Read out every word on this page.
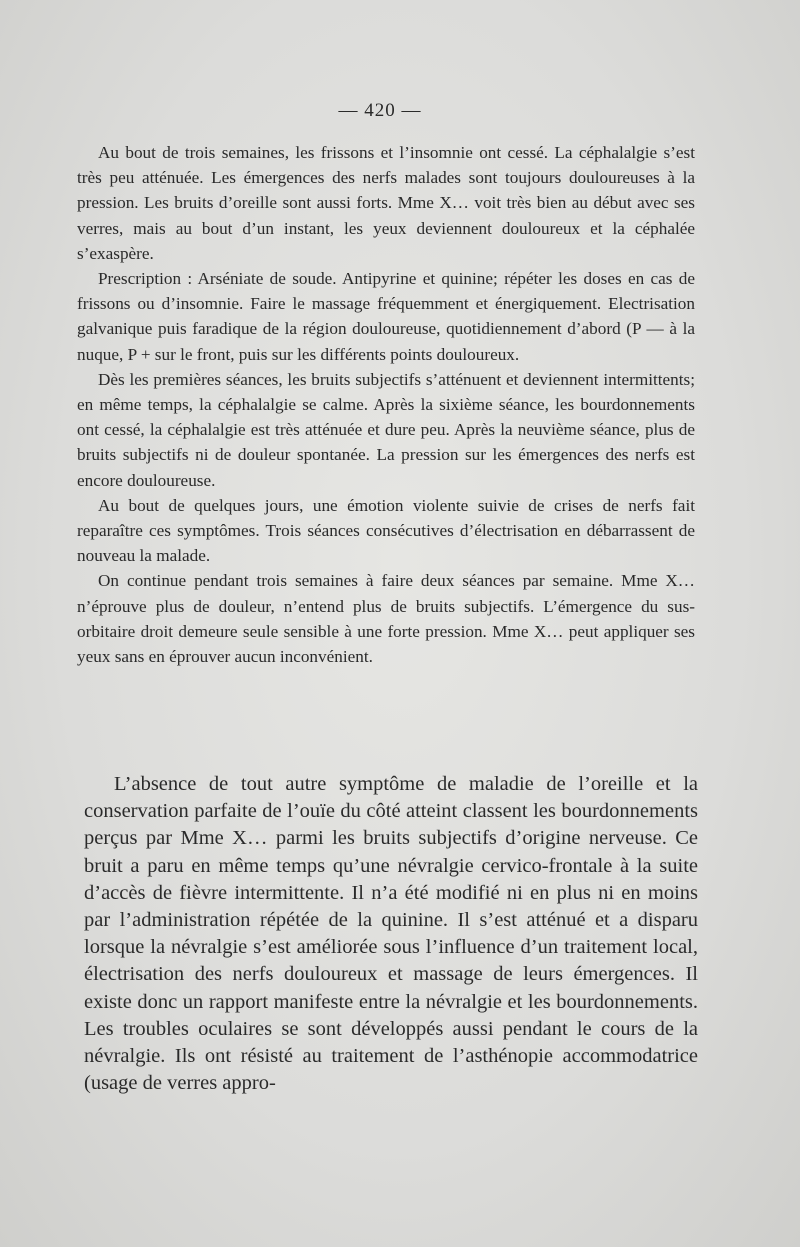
— 420 —

Au bout de trois semaines, les frissons et l’insomnie ont cessé. La céphalalgie s’est très peu atténuée. Les émergences des nerfs malades sont toujours douloureuses à la pression. Les bruits d’oreille sont aussi forts. Mme X… voit très bien au début avec ses verres, mais au bout d’un instant, les yeux deviennent douloureux et la céphalée s’exaspère.

Prescription : Arséniate de soude. Antipyrine et quinine; répéter les doses en cas de frissons ou d’insomnie. Faire le massage fréquemment et énergiquement. Electrisation galvanique puis faradique de la région douloureuse, quotidiennement d’abord (P — à la nuque, P + sur le front, puis sur les différents points douloureux.

Dès les premières séances, les bruits subjectifs s’atténuent et deviennent intermittents; en même temps, la céphalalgie se calme. Après la sixième séance, les bourdonnements ont cessé, la céphalalgie est très atténuée et dure peu. Après la neuvième séance, plus de bruits subjectifs ni de douleur spontanée. La pression sur les émergences des nerfs est encore douloureuse.

Au bout de quelques jours, une émotion violente suivie de crises de nerfs fait reparaître ces symptômes. Trois séances consécutives d’électrisation en débarrassent de nouveau la malade.

On continue pendant trois semaines à faire deux séances par semaine. Mme X… n’éprouve plus de douleur, n’entend plus de bruits subjectifs. L’émergence du sus-orbitaire droit demeure seule sensible à une forte pression. Mme X… peut appliquer ses yeux sans en éprouver aucun inconvénient.

L’absence de tout autre symptôme de maladie de l’oreille et la conservation parfaite de l’ouïe du côté atteint classent les bourdonnements perçus par Mme X… parmi les bruits subjectifs d’origine nerveuse. Ce bruit a paru en même temps qu’une névralgie cervico-frontale à la suite d’accès de fièvre intermittente. Il n’a été modifié ni en plus ni en moins par l’administration répétée de la quinine. Il s’est atténué et a disparu lorsque la névralgie s’est améliorée sous l’influence d’un traitement local, électrisation des nerfs douloureux et massage de leurs émergences. Il existe donc un rapport manifeste entre la névralgie et les bourdonnements. Les troubles oculaires se sont développés aussi pendant le cours de la névralgie. Ils ont résisté au traitement de l’asthénopie accommodatrice (usage de verres appro-
